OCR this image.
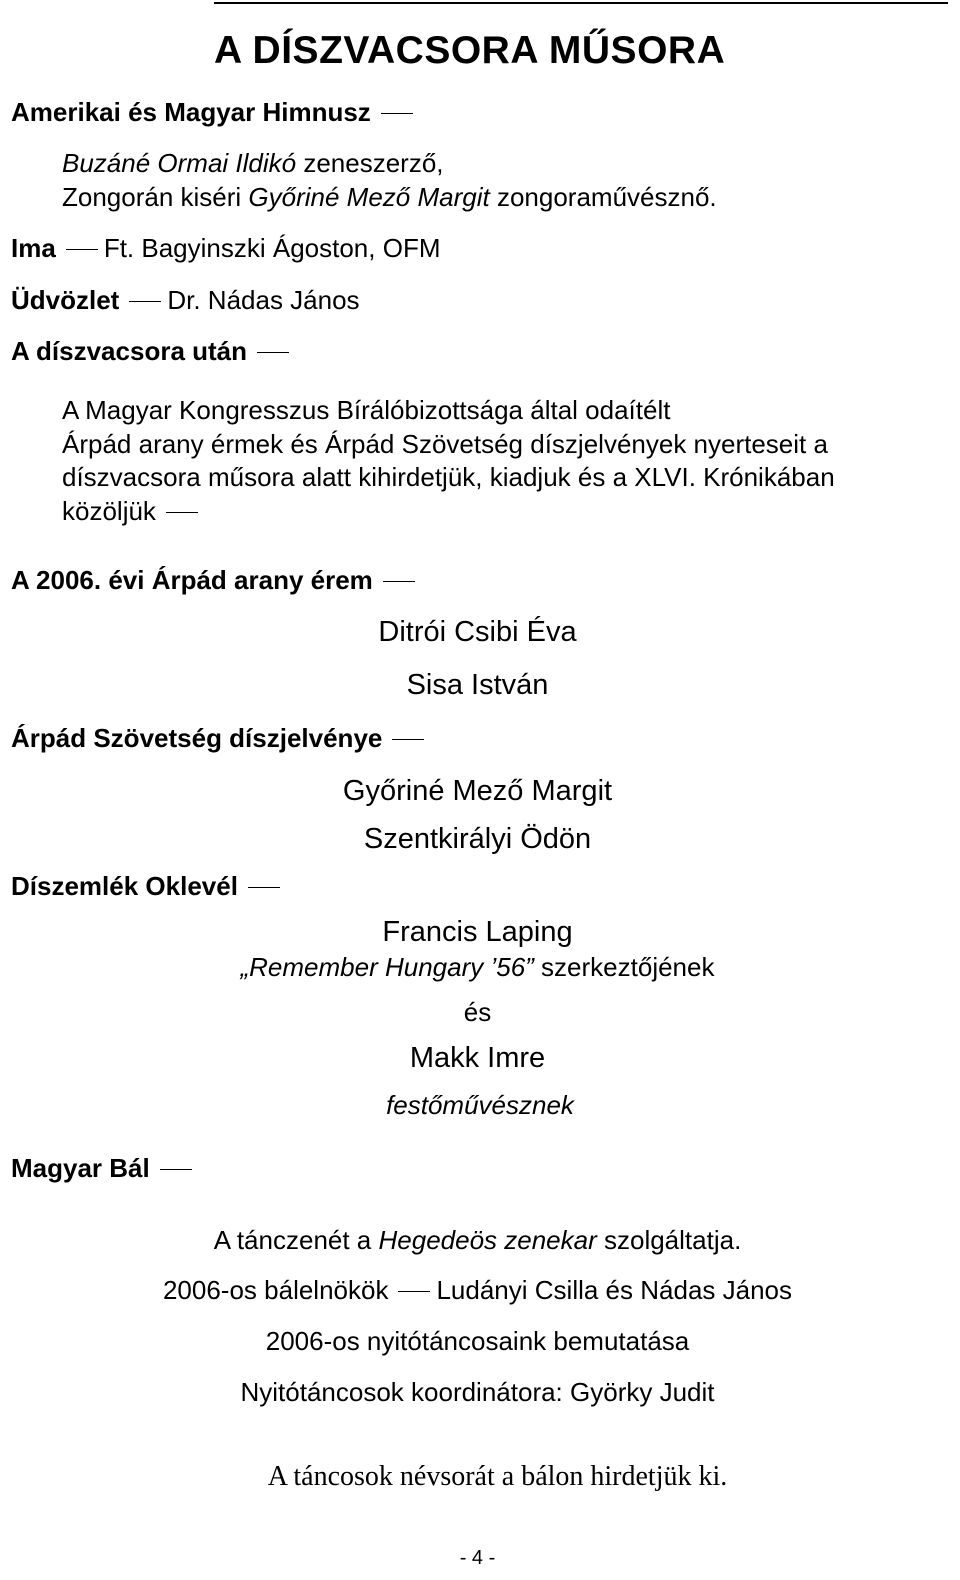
A DÍSZVACSORA MŰSORA
Amerikai és Magyar Himnusz
Buzáné Ormai Ildikó zeneszerző,
Zongorán kiséri Győriné Mező Margit zongoraművésznő.
Ima Ft. Bagyinszki Ágoston, OFM
Üdvözlet Dr. Nádas János
A díszvacsora után
A Magyar Kongresszus Bírálóbizottsága által odaítélt
Árpád arany érmek és Árpád Szövetség díszjelvények nyerteseit a
díszvacsora műsora alatt kihirdetjük, kiadjuk és a XLVI. Krónikában
közöljük
A 2006. évi Árpád arany érem
Ditrói Csibi Éva
Sisa István
Árpád Szövetség díszjelvénye
Győriné Mező Margit
Szentkirályi Ödön
Díszemlék Oklevél
Francis Laping
„Remember Hungary ’56” szerkeztőjének
és
Makk Imre
festőművésznek
Magyar Bál
A tánczenét a Hegedeös zenekar szolgáltatja.
2006-os bálelnökök Ludányi Csilla és Nádas János
2006-os nyitótáncosaink bemutatása
Nyitótáncosok koordinátora: Györky Judit
A táncosok névsorát a bálon hirdetjük ki.
- 4 -
